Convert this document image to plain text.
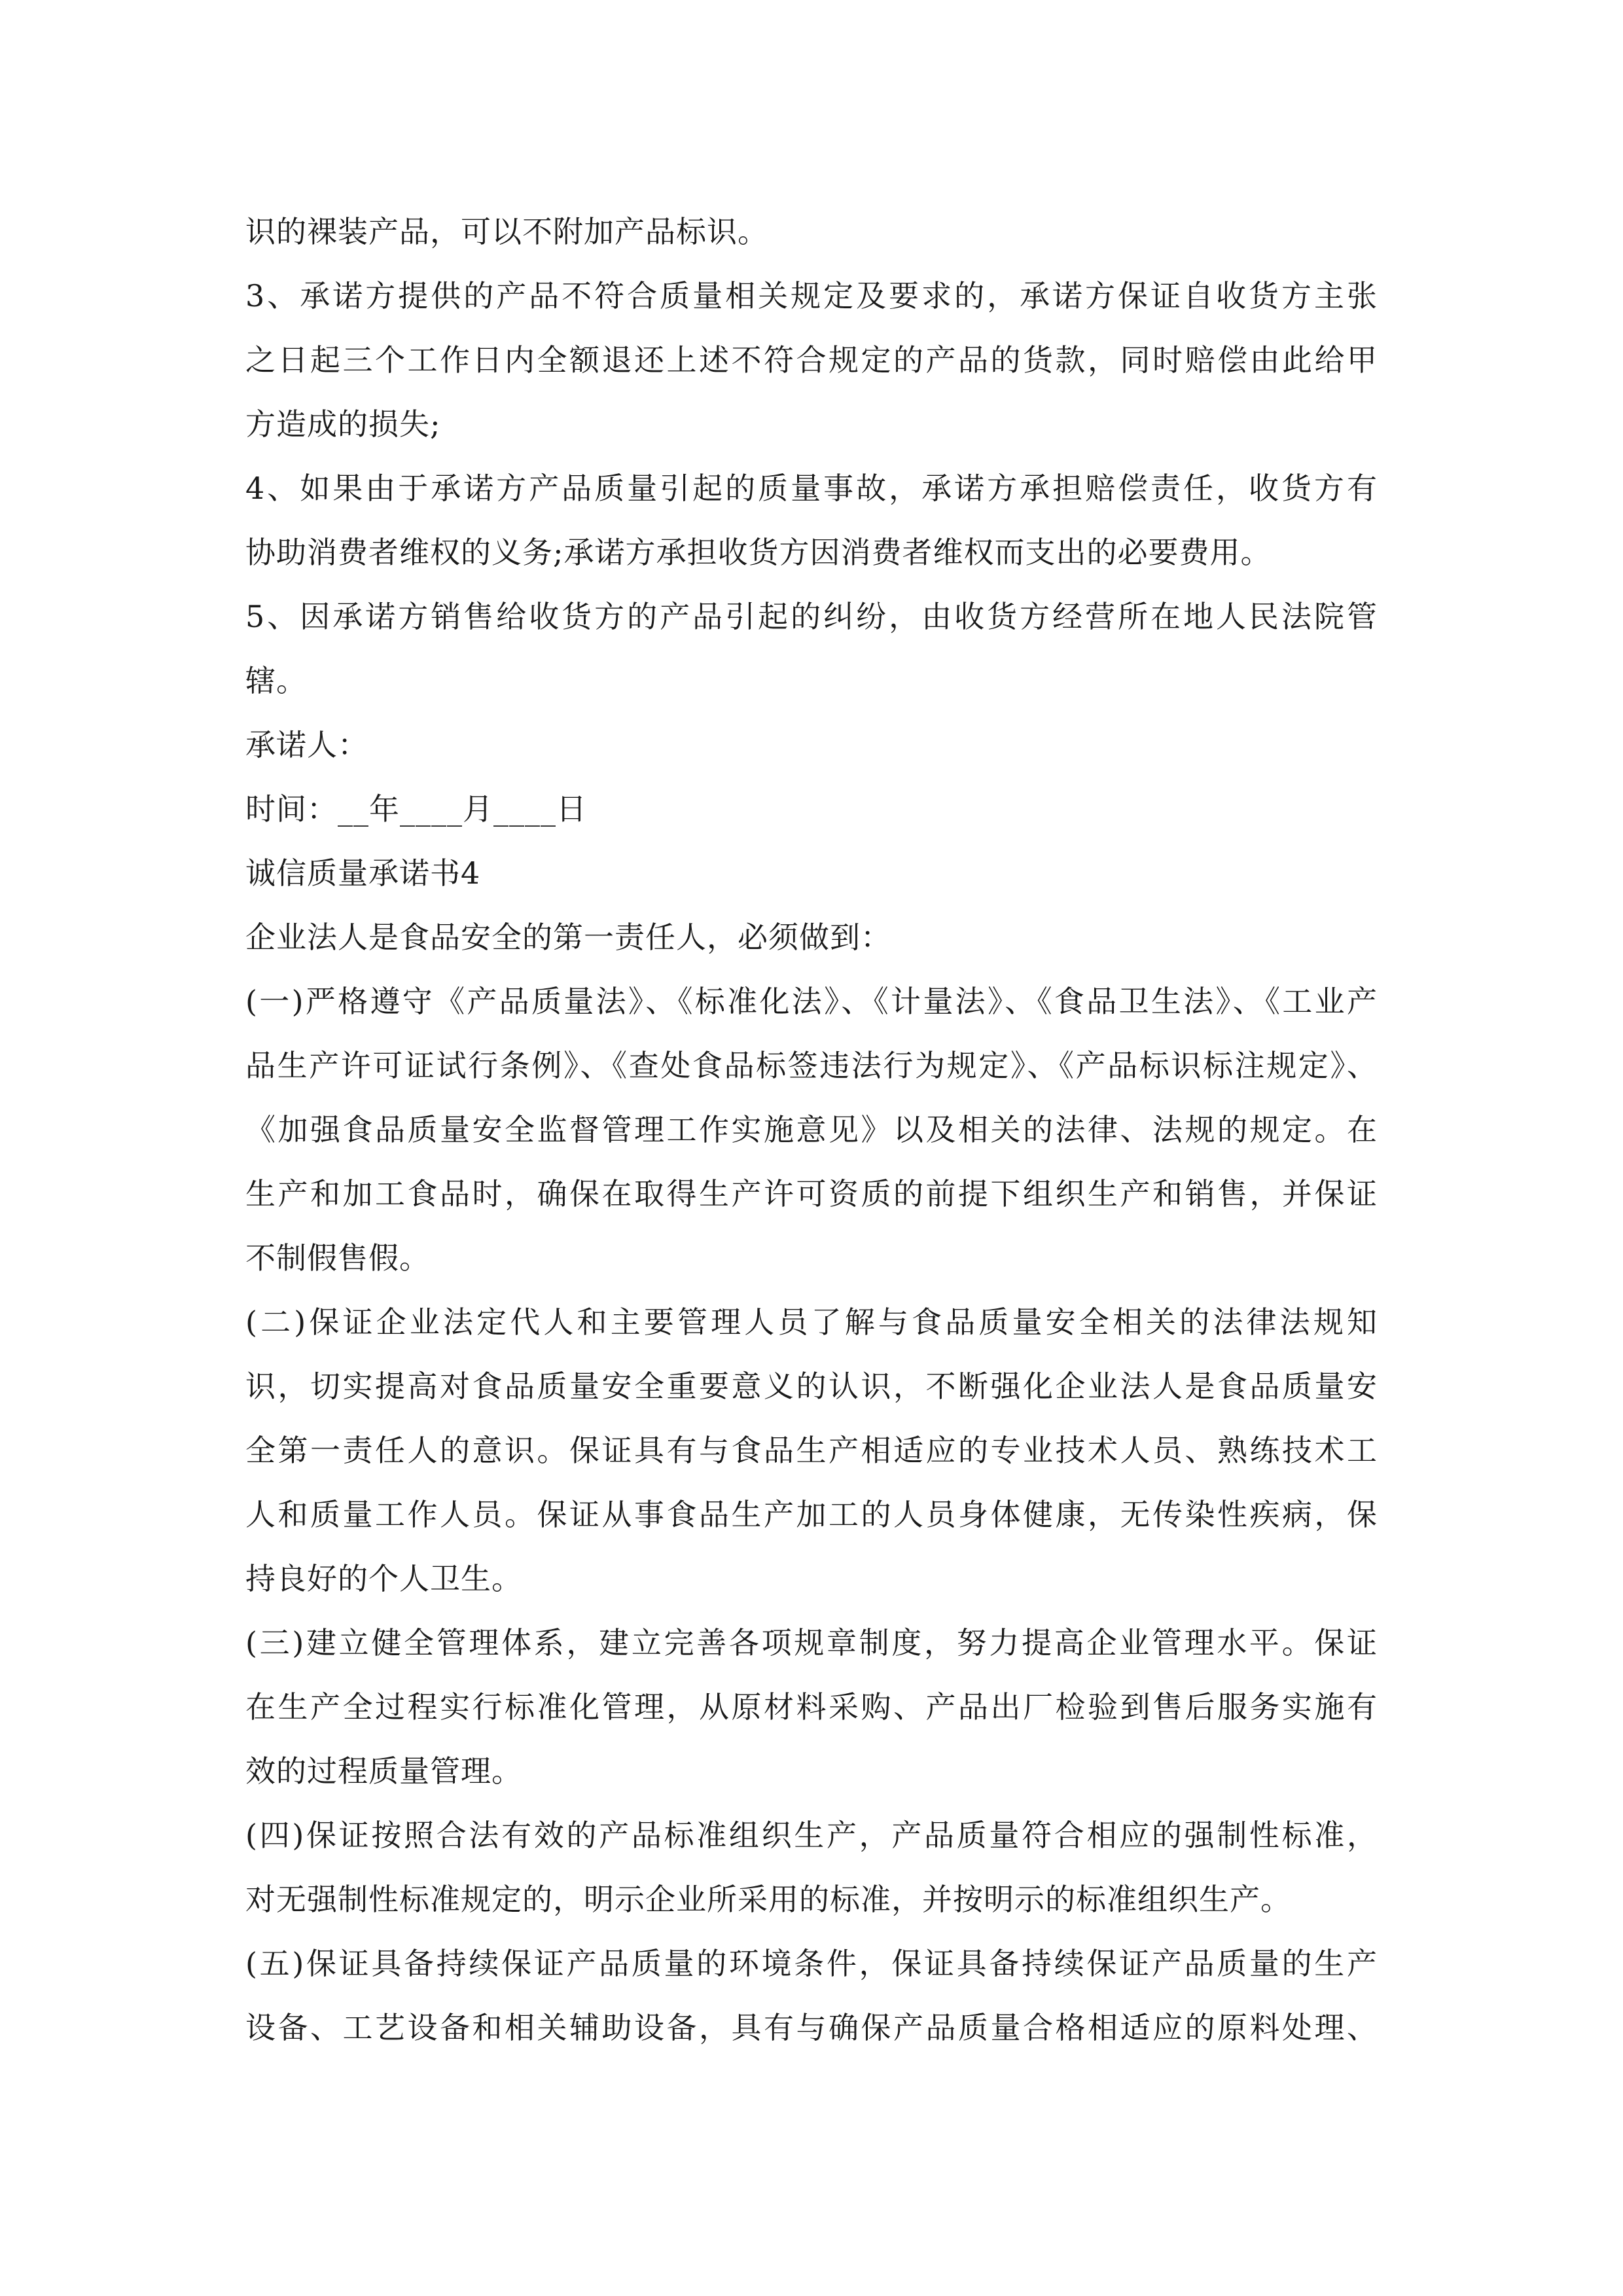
识的裸装产品，可以不附加产品标识。
3、承诺方提供的产品不符合质量相关规定及要求的，承诺方保证自收货方主张
之日起三个工作日内全额退还上述不符合规定的产品的货款，同时赔偿由此给甲
方造成的损失;
4、如果由于承诺方产品质量引起的质量事故，承诺方承担赔偿责任，收货方有
协助消费者维权的义务;承诺方承担收货方因消费者维权而支出的必要费用。
5、因承诺方销售给收货方的产品引起的纠纷，由收货方经营所在地人民法院管
辖。
承诺人：
时间：__年____月____日
诚信质量承诺书4
企业法人是食品安全的第一责任人，必须做到：
(一)严格遵守《产品质量法》、《标准化法》、《计量法》、《食品卫生法》、《工业产
品生产许可证试行条例》、《查处食品标签违法行为规定》、《产品标识标注规定》、
《加强食品质量安全监督管理工作实施意见》以及相关的法律、法规的规定。在
生产和加工食品时，确保在取得生产许可资质的前提下组织生产和销售，并保证
不制假售假。
(二)保证企业法定代人和主要管理人员了解与食品质量安全相关的法律法规知
识，切实提高对食品质量安全重要意义的认识，不断强化企业法人是食品质量安
全第一责任人的意识。保证具有与食品生产相适应的专业技术人员、熟练技术工
人和质量工作人员。保证从事食品生产加工的人员身体健康，无传染性疾病，保
持良好的个人卫生。
(三)建立健全管理体系，建立完善各项规章制度，努力提高企业管理水平。保证
在生产全过程实行标准化管理，从原材料采购、产品出厂检验到售后服务实施有
效的过程质量管理。
(四)保证按照合法有效的产品标准组织生产，产品质量符合相应的强制性标准，
对无强制性标准规定的，明示企业所采用的标准，并按明示的标准组织生产。
(五)保证具备持续保证产品质量的环境条件，保证具备持续保证产品质量的生产
设备、工艺设备和相关辅助设备，具有与确保产品质量合格相适应的原料处理、
